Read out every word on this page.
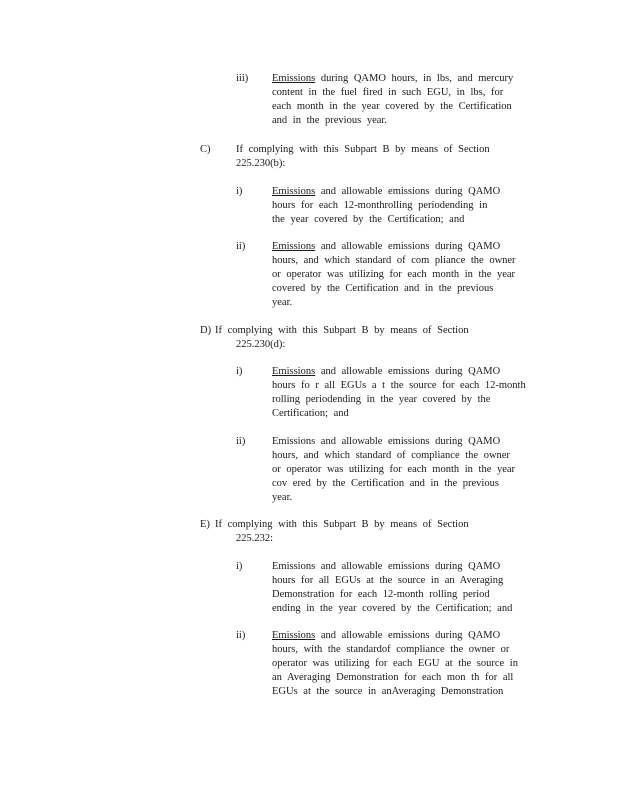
iii) Emissions during QAMO hours, in lbs, and mercury
content in the fuel fired in such EGU, in lbs, for
each month in the year covered by the Certification
and in the previous year.
C) If complying with this Subpart B by means of Section
225.230(b):
i)	Emissions and allowable emissions during QAMO
hours for each 12-monthrolling periodending in
the year covered by the Certification; and
ii)	Emissions and allowable emissions during QAMO
hours, and which standard of com pliance the owner
or operator was utilizing for each month in the year
covered by the Certification and in the previous
year.
D) If complying with this Subpart B by means of Section
225.230(d):
i)	Emissions and allowable emissions during QAMO
hours fo r all EGUs a t the source for each 12-month
rolling periodending in the year covered by the
Certification; and
ii)	Emissions and allowable emissions during QAMO
hours, and which standard of compliance the owner
or operator was utilizing for each month in the year
cov ered by the Certification and in the previous
year.
E) If complying with this Subpart B by means of Section
225.232:
i)	Emissions and allowable emissions during QAMO
hours for all EGUs at the source in an Averaging
Demonstration for each 12-month rolling period
ending in the year covered by the Certification; and
ii)	Emissions and allowable emissions during QAMO
hours, with the standardof compliance the owner or
operator was utilizing for each EGU at the source in
an Averaging Demonstration for each mon th for all
EGUs at the source in anAveraging Demonstration
